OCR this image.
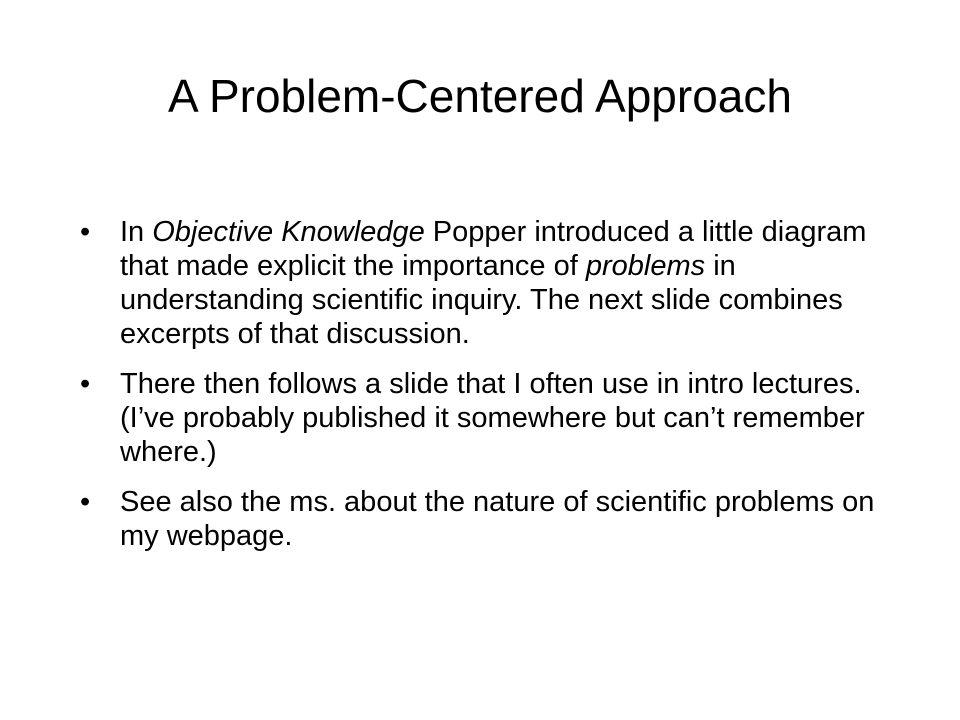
A Problem-Centered Approach
•	In Objective Knowledge Popper introduced a little diagram that made explicit the importance of problems in understanding scientific inquiry. The next slide combines excerpts of that discussion.
•	There then follows a slide that I often use in intro lectures. (I’ve probably published it somewhere but can’t remember where.)
•	See also the ms. about the nature of scientific problems on my webpage.
